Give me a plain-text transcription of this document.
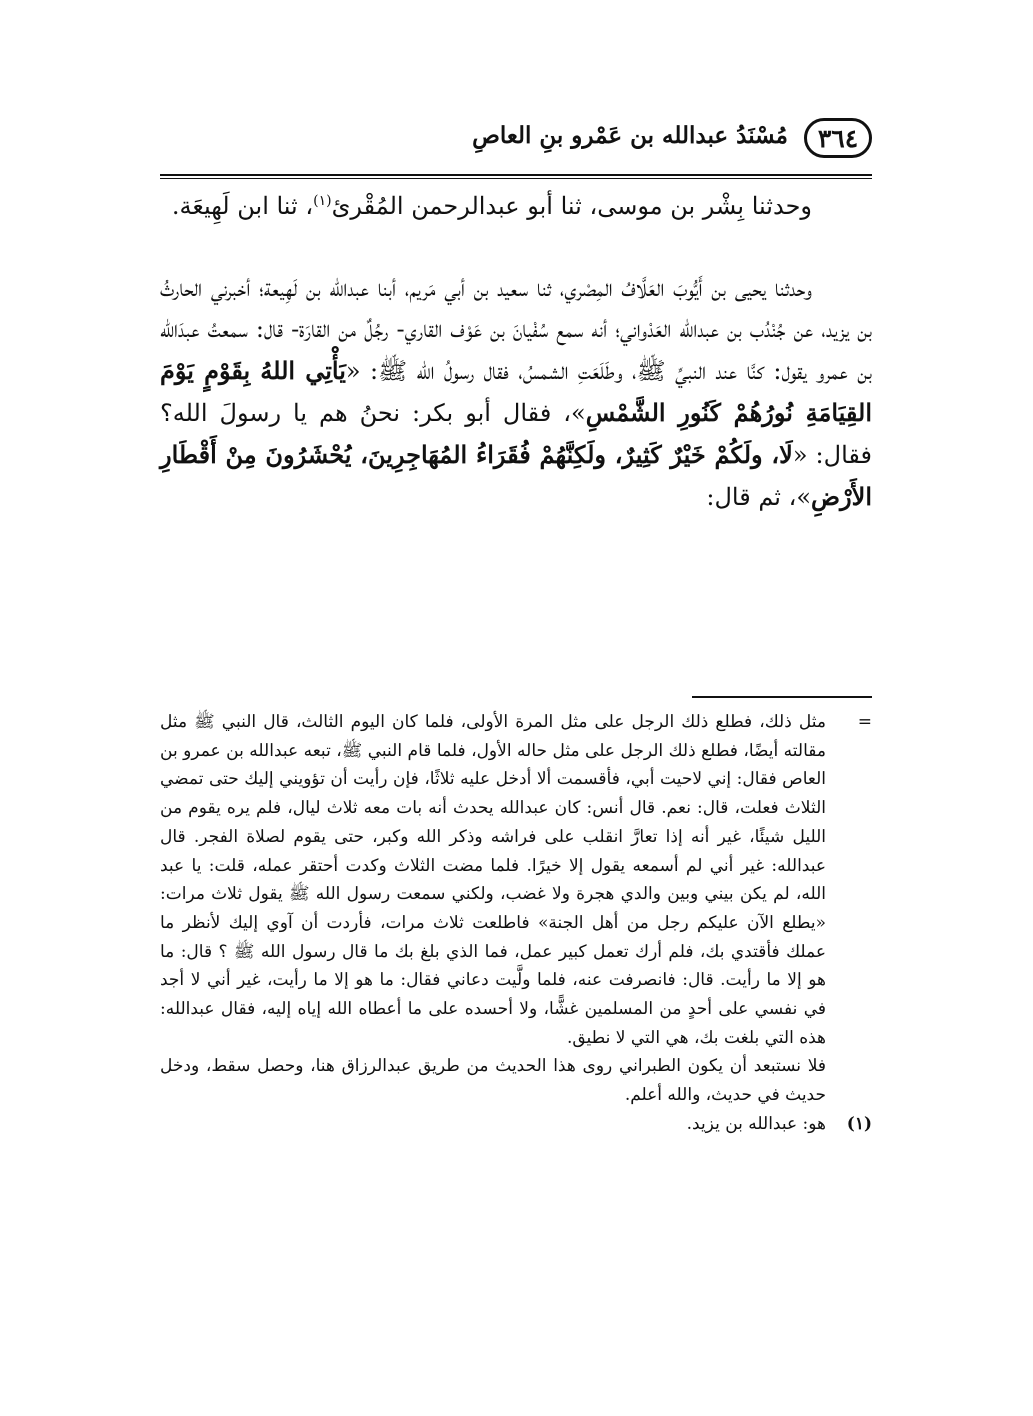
٣٦٤
مُسْنَدُ عبدالله بن عَمْرو بنِ العاصِ

وحدثنا بِشْر بن موسى، ثنا أبو عبدالرحمن المُقْرئ$^{(١)}$، ثنا ابن لَهِيعَة.

وحدثنا يحيى بن أَيُّوبَ العَلَّافُ المِصْري، ثنا سعيد بن أبي مَريم، أبنا عبدالله بن لَهِيعة؛ أخبرني الحارثُ بن يزيد، عن جُنْدُب بن عبدالله العَدْواني؛ أنه سمع سُفْيانَ بن عَوْف القاري- رجُلٌ من القارَة- قال: سمعتُ عبدَالله بن عمرو يقول: كنَّا عند النبيِّ ﷺ، وطَلَعَتِ الشمسُ، فقال رسولُ الله ﷺ: «يَأْتِي اللهُ بِقَوْمٍ يَوْمَ القِيَامَةِ نُورُهُمْ كَنُورِ الشَّمْسِ»، فقال أبو بكر: نحنُ هم يا رسولَ الله؟ فقال: «لَا، ولَكُمْ خَيْرٌ كَثِيرٌ، ولَكِنَّهُمْ فُقَرَاءُ المُهَاجِرِينَ، يُحْشَرُونَ مِنْ أَقْطَارِ الأَرْضِ»، ثم قال:

=
مثل ذلك، فطلع ذلك الرجل على مثل المرة الأولى، فلما كان اليوم الثالث، قال النبي ﷺ مثل مقالته أيضًا، فطلع ذلك الرجل على مثل حاله الأول، فلما قام النبي ﷺ، تبعه عبدالله بن عمرو بن العاص فقال: إني لاحيت أبي، فأقسمت ألا أدخل عليه ثلاثًا، فإن رأيت أن تؤويني إليك حتى تمضي الثلاث فعلت، قال: نعم. قال أنس: كان عبدالله يحدث أنه بات معه ثلاث ليال، فلم يره يقوم من الليل شيئًا، غير أنه إذا تعارَّ انقلب على فراشه وذكر الله وكبر، حتى يقوم لصلاة الفجر. قال عبدالله: غير أني لم أسمعه يقول إلا خيرًا. فلما مضت الثلاث وكدت أحتقر عمله، قلت: يا عبد الله، لم يكن بيني وبين والدي هجرة ولا غضب، ولكني سمعت رسول الله ﷺ يقول ثلاث مرات: «يطلع الآن عليكم رجل من أهل الجنة» فاطلعت ثلاث مرات، فأردت أن آوي إليك لأنظر ما عملك فأقتدي بك، فلم أرك تعمل كبير عمل، فما الذي بلغ بك ما قال رسول الله ﷺ ؟ قال: ما هو إلا ما رأيت. قال: فانصرفت عنه، فلما ولَّيت دعاني فقال: ما هو إلا ما رأيت، غير أني لا أجد في نفسي على أحدٍ من المسلمين غشًّا، ولا أحسده على ما أعطاه الله إياه إليه، فقال عبدالله: هذه التي بلغت بك، هي التي لا نطيق.

فلا نستبعد أن يكون الطبراني روى هذا الحديث من طريق عبدالرزاق هنا، وحصل سقط، ودخل حديث في حديث، والله أعلم.

(١)
هو: عبدالله بن يزيد.
